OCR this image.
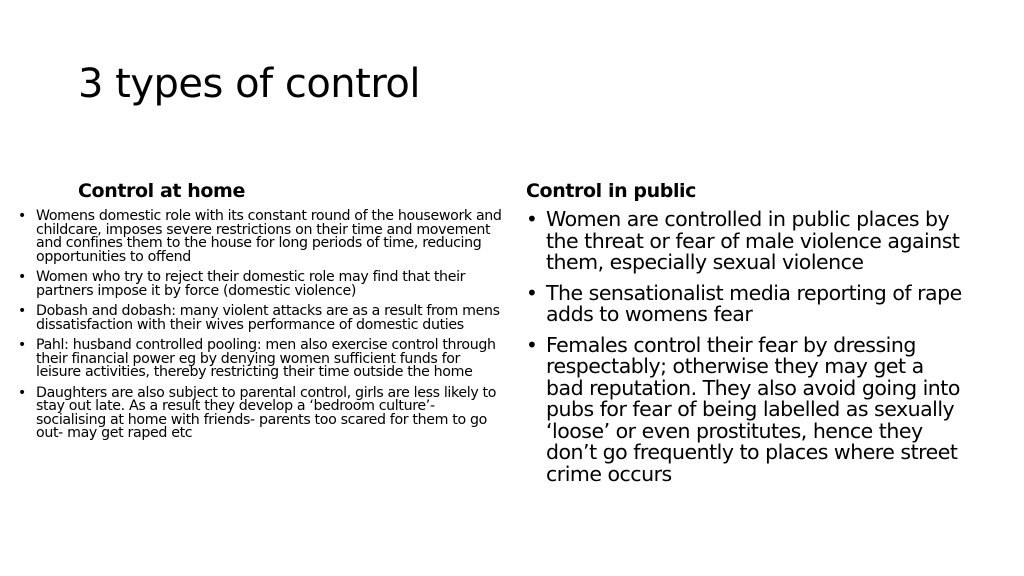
3 types of control
Control at home
• Womens domestic role with its constant round of the housework and childcare, imposes severe restrictions on their time and movement and confines them to the house for long periods of time, reducing opportunities to offend
• Women who try to reject their domestic role may find that their partners impose it by force (domestic violence)
• Dobash and dobash: many violent attacks are as a result from mens dissatisfaction with their wives performance of domestic duties
• Pahl: husband controlled pooling: men also exercise control through their financial power eg by denying women sufficient funds for leisure activities, thereby restricting their time outside the home
• Daughters are also subject to parental control, girls are less likely to stay out late. As a result they develop a ‘bedroom culture’- socialising at home with friends- parents too scared for them to go out- may get raped etc
Control in public
• Women are controlled in public places by the threat or fear of male violence against them, especially sexual violence
• The sensationalist media reporting of rape adds to womens fear
• Females control their fear by dressing respectably; otherwise they may get a bad reputation. They also avoid going into pubs for fear of being labelled as sexually ‘loose’ or even prostitutes, hence they don’t go frequently to places where street crime occurs
